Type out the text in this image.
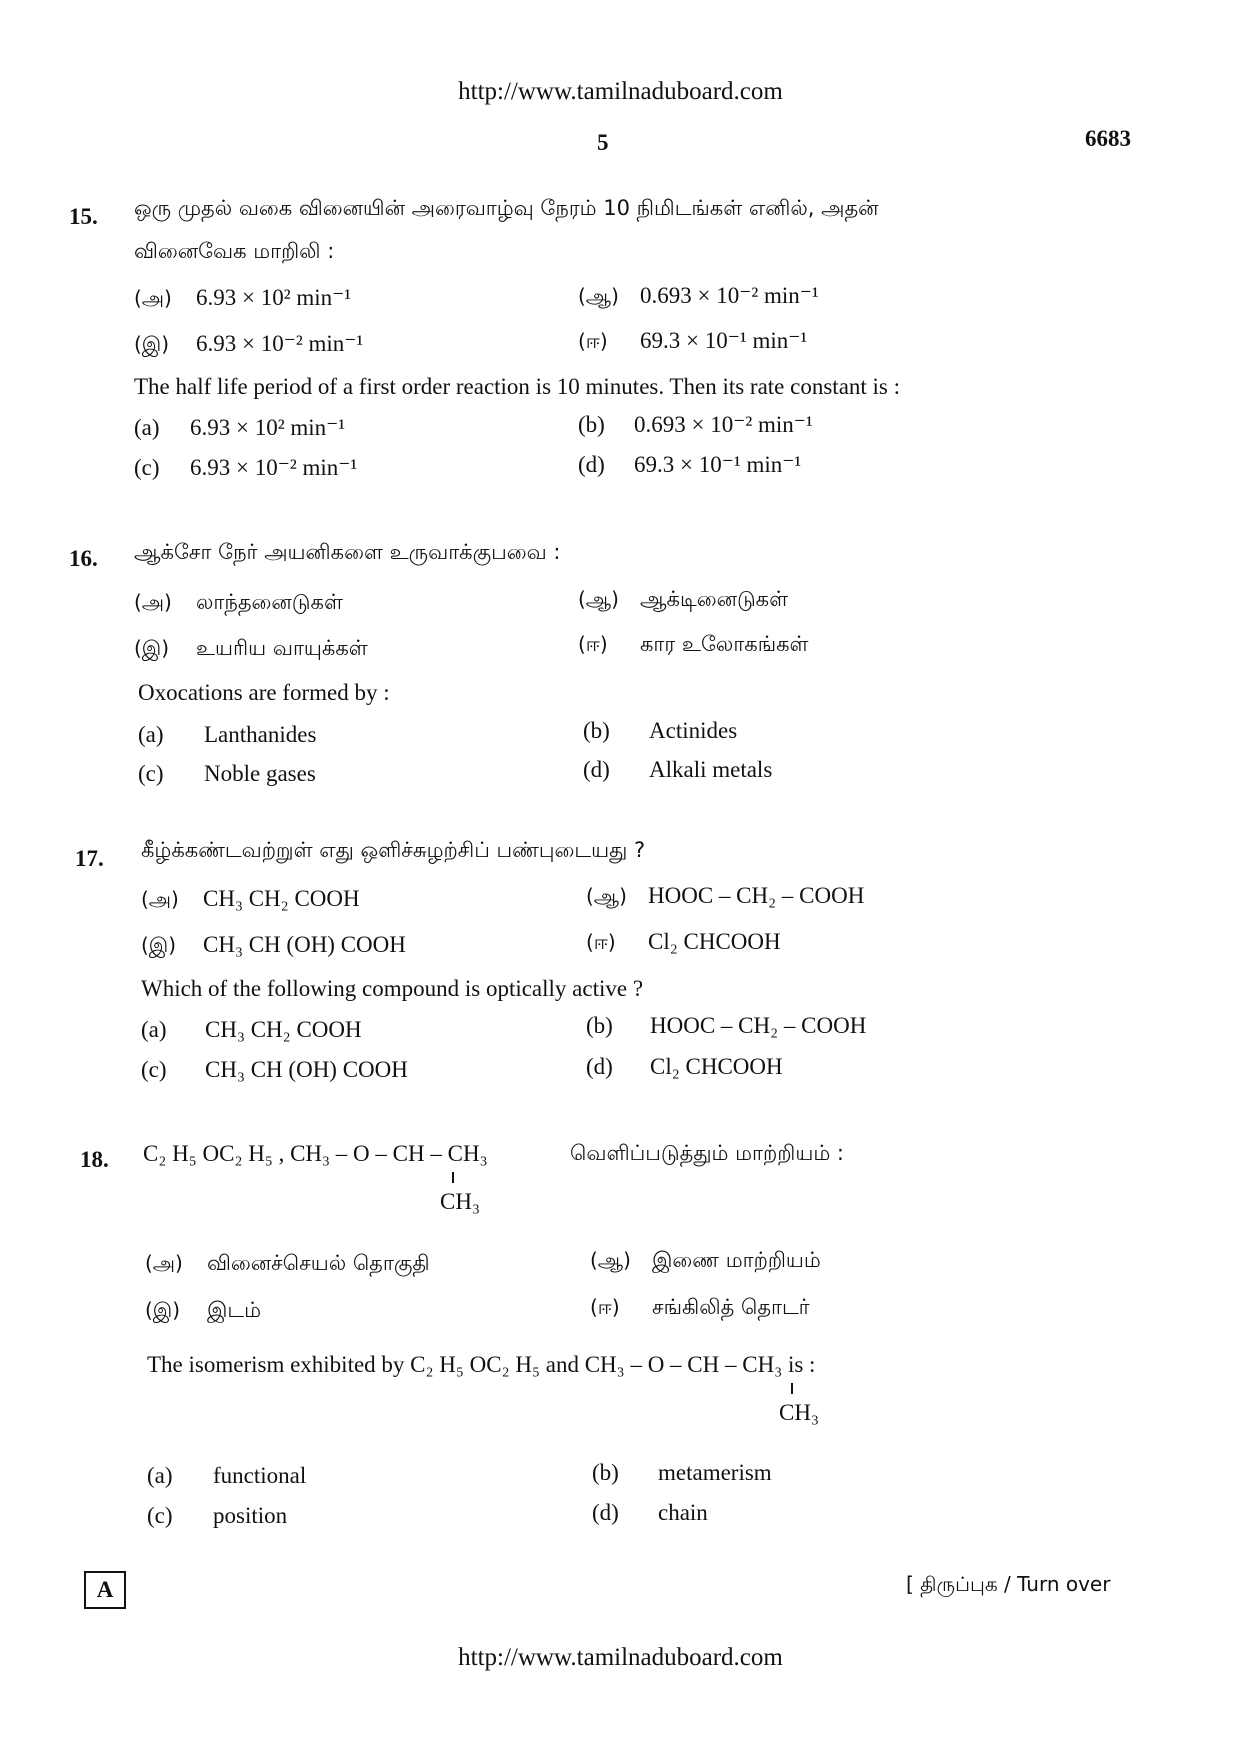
http://www.tamilnaduboard.com
5	6683
15. ஒரு முதல் வகை வினையின் அரைவாழ்வு நேரம் 10 நிமிடங்கள் எனில், அதன்
வினைவேக மாறிலி :
(அ)	6.93 × 10² min⁻¹	(ஆ) 0.693 × 10⁻² min⁻¹
(இ)	6.93 × 10⁻² min⁻¹	(ஈ)	69.3 × 10⁻¹ min⁻¹
The half life period of a first order reaction is 10 minutes. Then its rate constant is :
(a)	6.93 × 10² min⁻¹	(b)	0.693 × 10⁻² min⁻¹
(c)	6.93 × 10⁻² min⁻¹	(d)	69.3 × 10⁻¹ min⁻¹
16. ஆக்சோ நேர் அயனிகளை உருவாக்குபவை :
(அ)	லாந்தனைடுகள்	(ஆ)	ஆக்டினைடுகள்
(இ)	உயரிய வாயுக்கள்	(ஈ)	கார உலோகங்கள்
Oxocations are formed by :
(a)	Lanthanides	(b)	Actinides
(c)	Noble gases	(d)	Alkali metals
17. கீழ்க்கண்டவற்றுள் எது ஒளிச்சுழற்சிப் பண்புடையது ?
(அ)	CH₃ CH₂ COOH	(ஆ) HOOC – CH₂ – COOH
(இ)	CH₃ CH (OH) COOH	(ஈ)	Cl₂ CHCOOH
Which of the following compound is optically active ?
(a)	CH₃ CH₂ COOH	(b)	HOOC – CH₂ – COOH
(c)	CH₃ CH (OH) COOH	(d)	Cl₂ CHCOOH
18. C₂ H₅ OC₂ H₅ , CH₃ – O – CH – CH₃	வெளிப்படுத்தும் மாற்றியம் :
CH₃
(அ)	வினைச்செயல் தொகுதி	(ஆ)	இணை மாற்றியம்
(இ)	இடம்	(ஈ)	சங்கிலித் தொடர்
The isomerism exhibited by C₂ H₅ OC₂ H₅ and CH₃ – O – CH – CH₃ is :
CH₃
(a)	functional	(b)	metamerism
(c)	position	(d)	chain
A	[ திருப்புக / Turn over
http://www.tamilnaduboard.com
